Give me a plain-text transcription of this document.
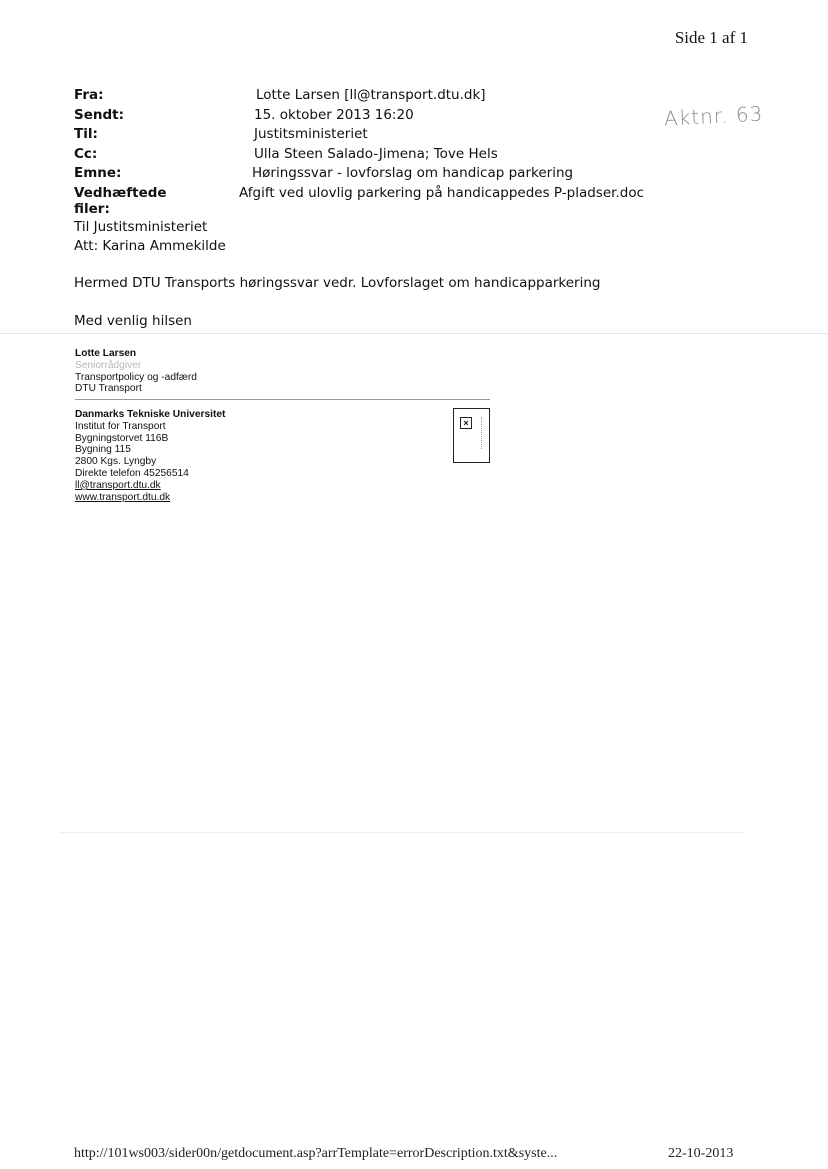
Side 1 af 1
Aktnr. 63
Fra:	Lotte Larsen [ll@transport.dtu.dk]
Sendt:	15. oktober 2013 16:20
Til:	Justitsministeriet
Cc:	Ulla Steen Salado-Jimena; Tove Hels
Emne:	Høringssvar - lovforslag om handicap parkering
Vedhæftede filer:
Afgift ved ulovlig parkering på handicappedes P-pladser.doc
Til Justitsministeriet
Att: Karina Ammekilde
Hermed DTU Transports høringssvar vedr. Lovforslaget om handicapparkering
Med venlig hilsen
Lotte Larsen
Seniorrådgiver
Transportpolicy og -adfærd
DTU Transport
Danmarks Tekniske Universitet
Institut for Transport
Bygningstorvet 116B
Bygning 115
2800 Kgs. Lyngby
Direkte telefon 45256514
ll@transport.dtu.dk
www.transport.dtu.dk
×
http://101ws003/sider00n/getdocument.asp?arrTemplate=errorDescription.txt&syste...	22-10-2013
